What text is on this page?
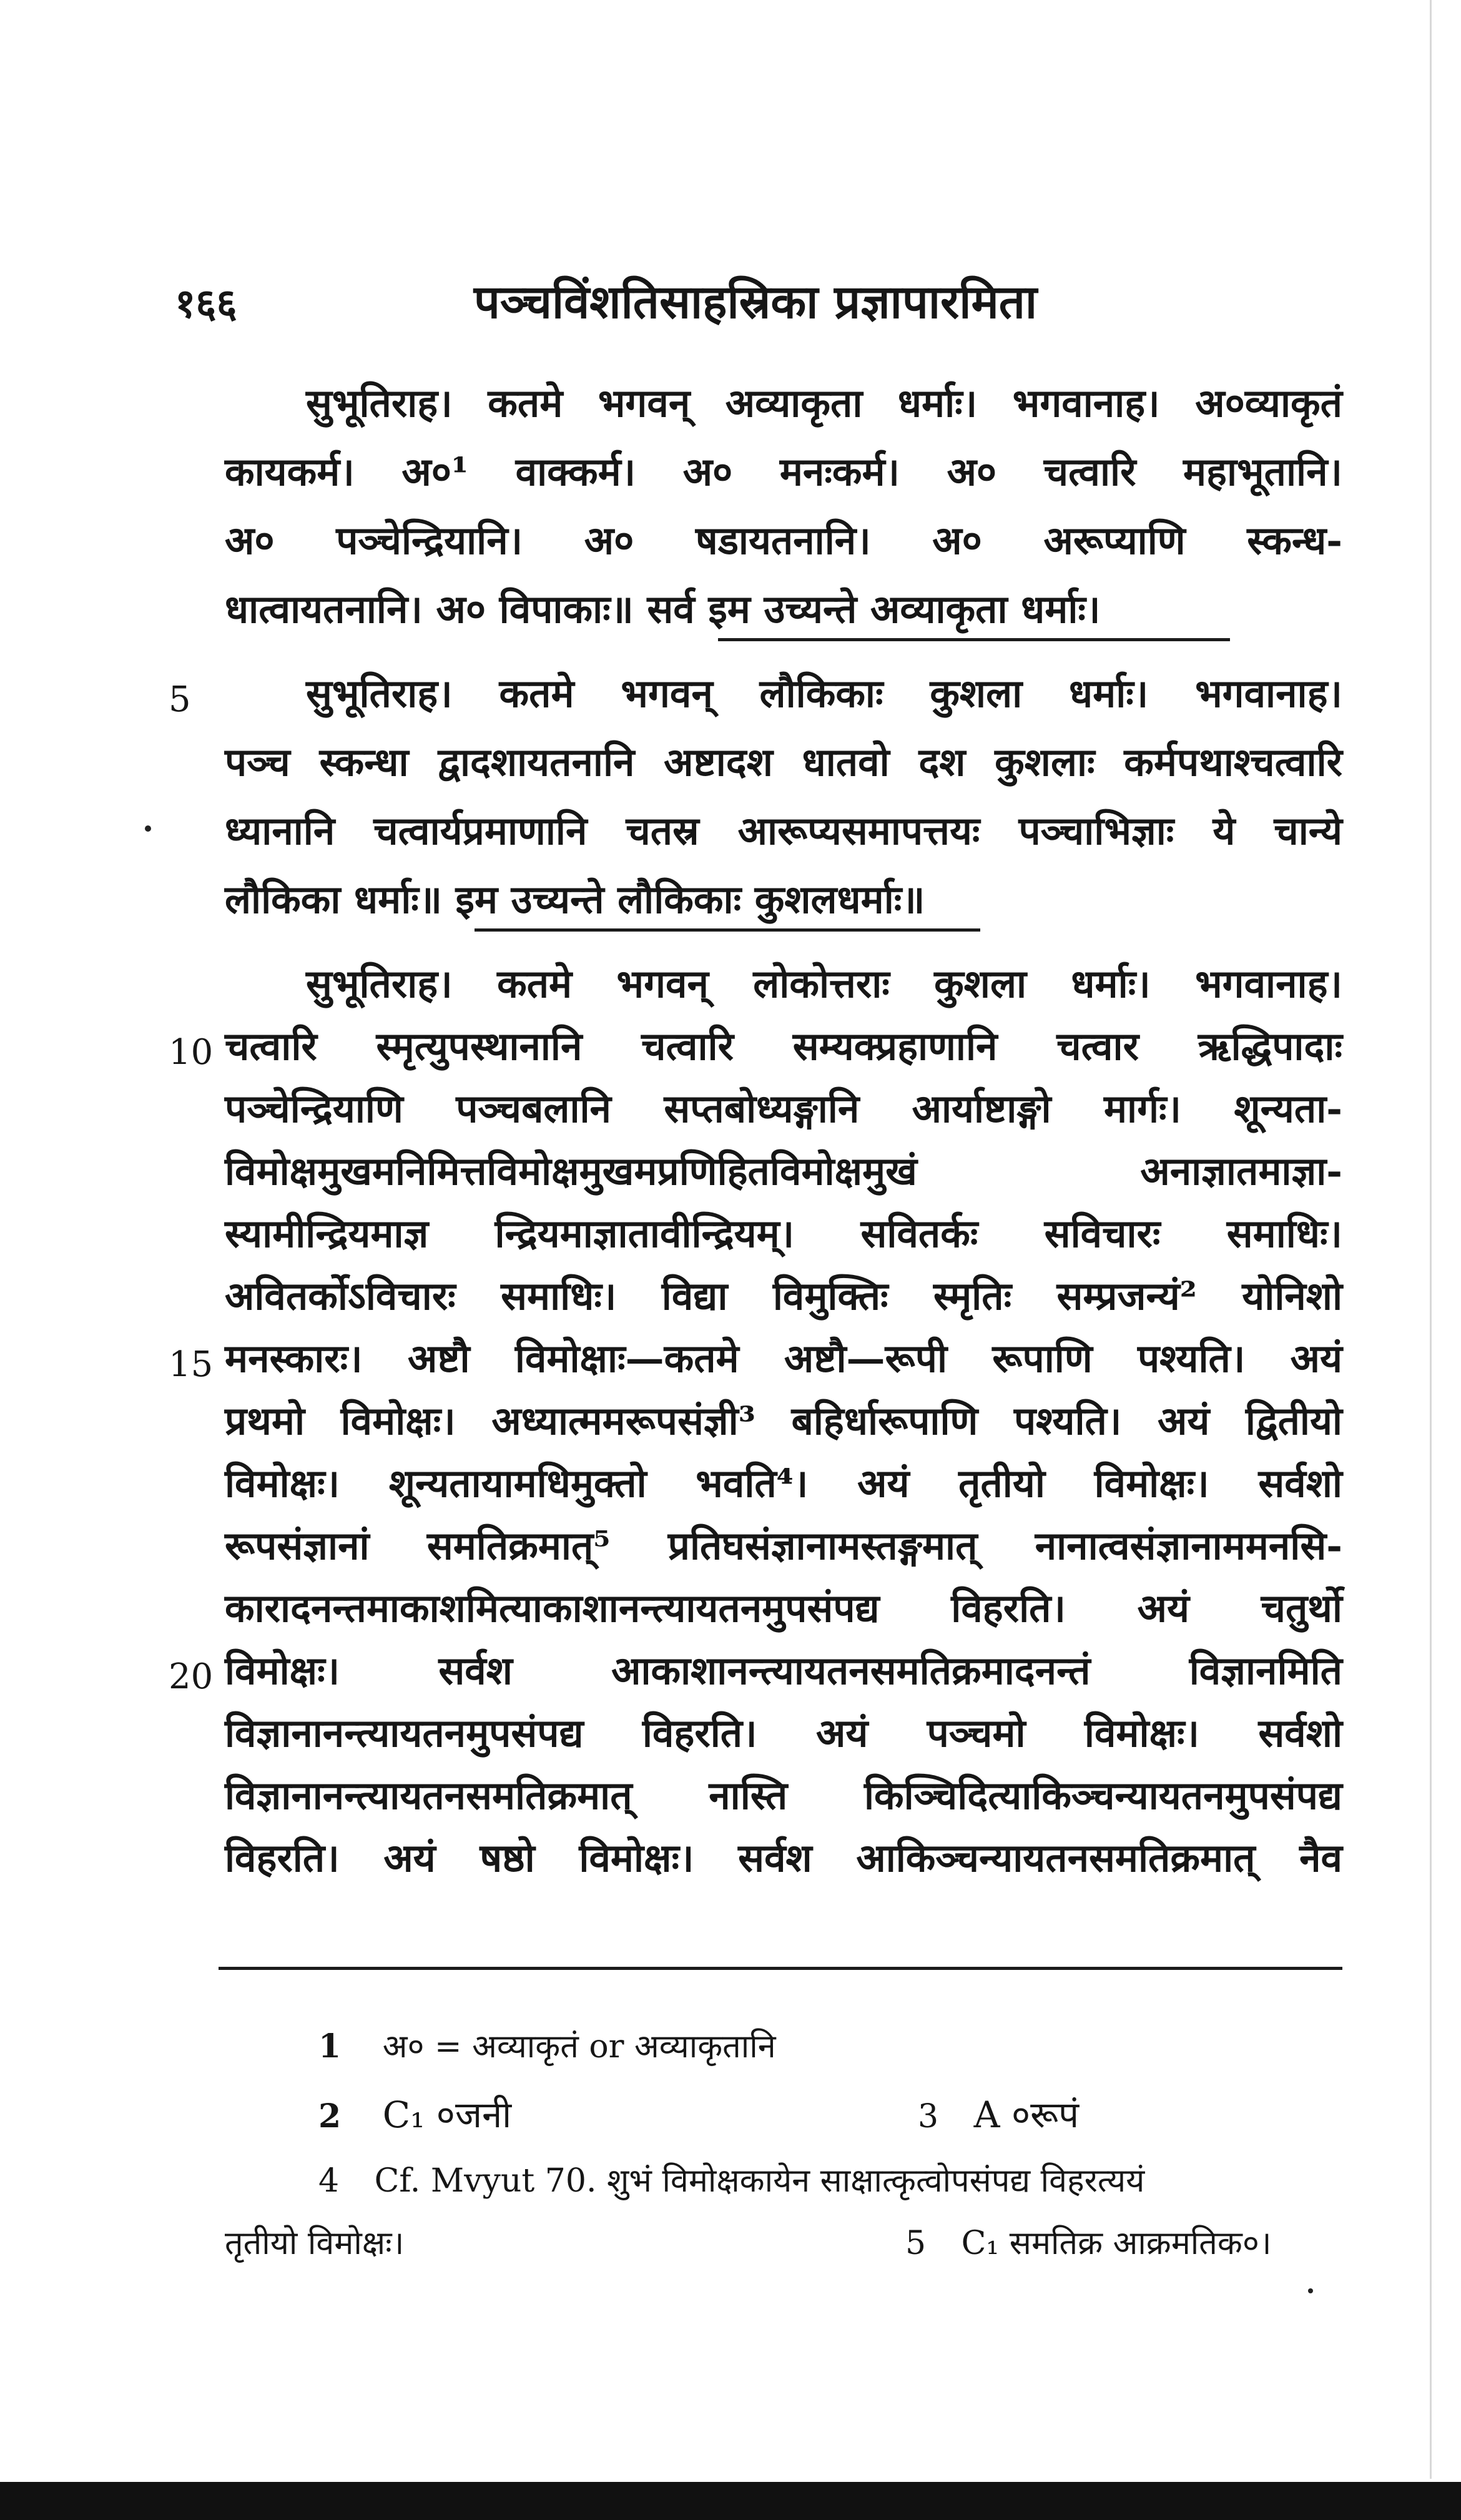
१६६	पञ्चविंशतिसाहस्रिका प्रज्ञापारमिता
सुभूतिराह। कतमे भगवन् अव्याकृता धर्माः। भगवानाह। अ०व्याकृतं
कायकर्म। अ०¹ वाक्कर्म। अ० मनःकर्म। अ० चत्वारि महाभूतानि।
अ० पञ्चेन्द्रियानि। अ० षडायतनानि। अ० अरूप्याणि स्कन्ध-
धात्वायतनानि। अ० विपाकाः॥ सर्व इम उच्यन्ते अव्याकृता धर्माः।
5	सुभूतिराह। कतमे भगवन् लौकिकाः कुशला धर्माः। भगवानाह।
पञ्च स्कन्धा द्वादशायतनानि अष्टादश धातवो दश कुशलाः कर्मपथाश्चत्वारि
ध्यानानि चत्वार्यप्रमाणानि चतस्र आरूप्यसमापत्तयः पञ्चाभिज्ञाः ये चान्ये
लौकिका धर्माः॥ इम उच्यन्ते लौकिकाः कुशलधर्माः॥
सुभूतिराह। कतमे भगवन् लोकोत्तराः कुशला धर्माः। भगवानाह।
10 चत्वारि स्मृत्युपस्थानानि चत्वारि सम्यक्प्रहाणानि चत्वार ऋद्धिपादाः
पञ्चेन्द्रियाणि पञ्चबलानि सप्तबोध्यङ्गानि आर्याष्टाङ्गो मार्गः। शून्यता-
विमोक्षमुखमनिमित्तविमोक्षमुखमप्रणिहितविमोक्षमुखं अनाज्ञातमाज्ञा-
स्यामीन्द्रियमाज्ञ न्द्रियमाज्ञातावीन्द्रियम्। सवितर्कः सविचारः समाधिः।
अवितर्कोऽविचारः समाधिः। विद्या विमुक्तिः स्मृतिः सम्प्रजन्यं² योनिशो
15 मनस्कारः। अष्टौ विमोक्षाः—कतमे अष्टौ—रूपी रूपाणि पश्यति। अयं
प्रथमो विमोक्षः। अध्यात्ममरूपसंज्ञी³ बहिर्धारूपाणि पश्यति। अयं द्वितीयो
विमोक्षः। शून्यतायामधिमुक्तो भवति⁴। अयं तृतीयो विमोक्षः। सर्वशो
रूपसंज्ञानां समतिक्रमात्⁵ प्रतिघसंज्ञानामस्तङ्गमात् नानात्वसंज्ञानाममनसि-
कारादनन्तमाकाशमित्याकाशानन्त्यायतनमुपसंपद्य विहरति। अयं चतुर्थो
20 विमोक्षः। सर्वश आकाशानन्त्यायतनसमतिक्रमादनन्तं विज्ञानमिति
विज्ञानानन्त्यायतनमुपसंपद्य विहरति। अयं पञ्चमो विमोक्षः। सर्वशो
विज्ञानानन्त्यायतनसमतिक्रमात् नास्ति किञ्चिदित्याकिञ्चन्यायतनमुपसंपद्य
विहरति। अयं षष्ठो विमोक्षः। सर्वश आकिञ्चन्यायतनसमतिक्रमात् नैव
1 अ० = अव्याकृतं or अव्याकृतानि
2 C₁ ०जनी	3 A ०रूपं
4 Cf. Mvyut 70. शुभं विमोक्षकायेन साक्षात्कृत्वोपसंपद्य विहरत्ययं
तृतीयो विमोक्षः।	5 C₁ समतिक्र आक्रमतिक०।
